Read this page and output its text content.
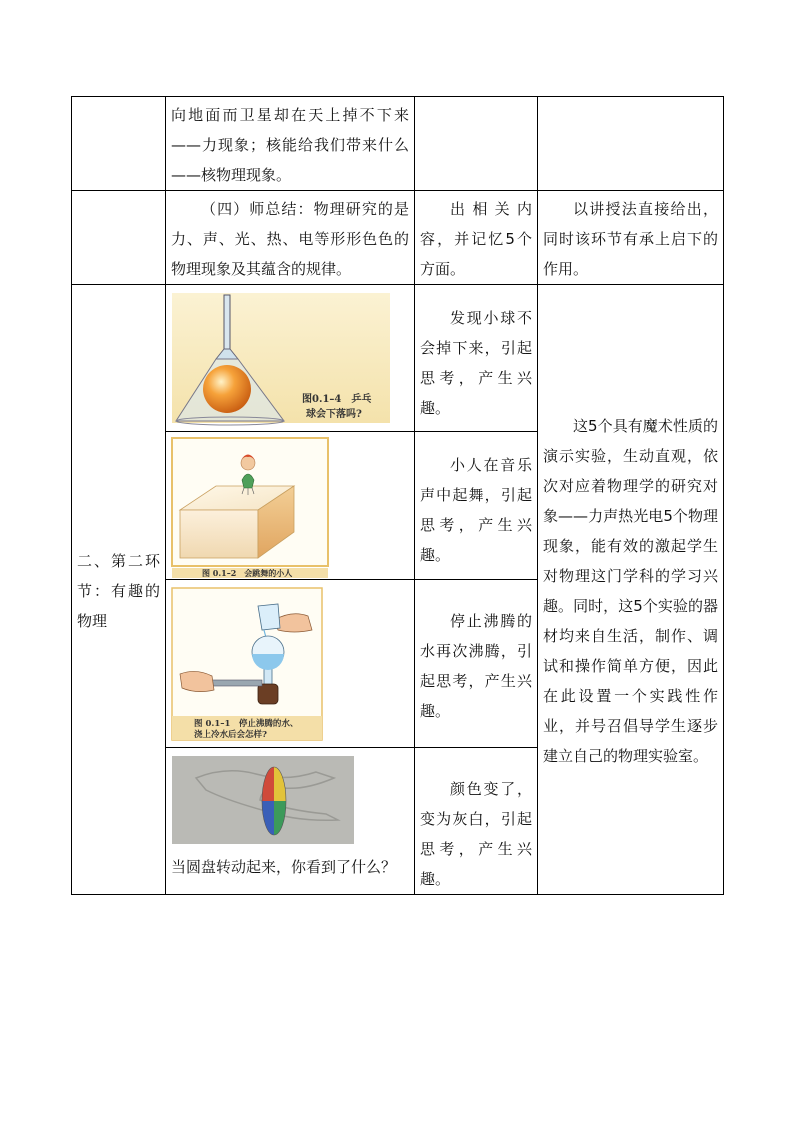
	向地面而卫星却在天上掉不下来——力现象；核能给我们带来什么——核物理现象。		

	（四）师总结：物理研究的是力、声、光、热、电等形形色色的物理现象及其蕴含的规律。	出相关内容，并记忆5个方面。	以讲授法直接给出，同时该环节有承上启下的作用。

二、第二环节：有趣的物理	图0.1–4　乒乓
球会下落吗?	发现小球不会掉下来，引起思考，产生兴趣。	这5个具有魔术性质的演示实验，生动直观，依次对应着物理学的研究对象——力声热光电5个物理现象，能有效的激起学生对物理这门学科的学习兴趣。同时，这5个实验的器材均来自生活，制作、调试和操作简单方便，因此在此设置一个实践性作业，并号召倡导学生逐步建立自己的物理实验室。

图 0.1–2　会跳舞的小人	小人在音乐声中起舞，引起思考，产生兴趣。	

图 0.1–1　停止沸腾的水、
浇上冷水后会怎样?	停止沸腾的水再次沸腾，引起思考，产生兴趣。	

	当圆盘转动起来，你看到了什么？	颜色变了，变为灰白，引起思考，产生兴趣。	
